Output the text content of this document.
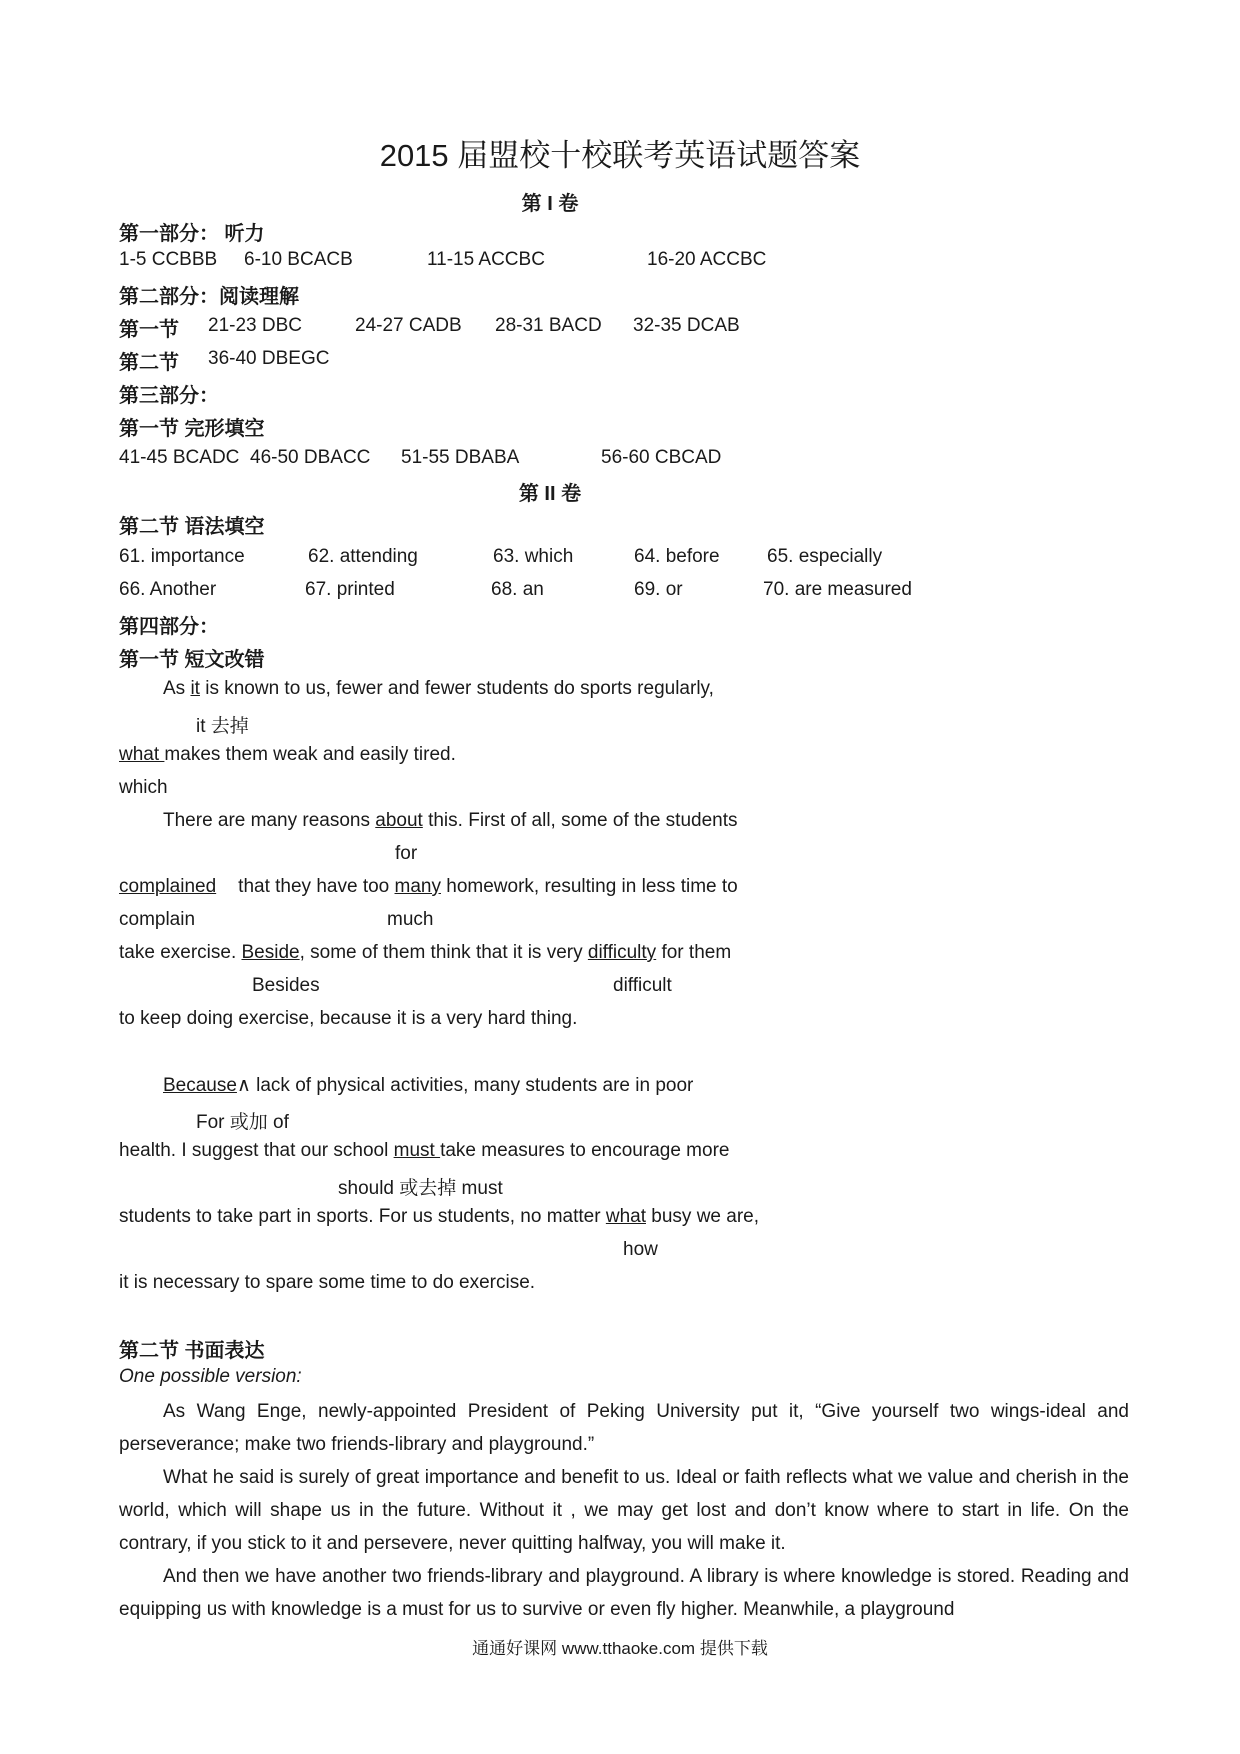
2015 届盟校十校联考英语试题答案
第 I 卷
第一部分： 听力
1-5 CCBBB 6-10 BCACB	11-15 ACCBC	16-20 ACCBC
第二部分：阅读理解
第一节 21-23 DBC	24-27 CADB 28-31 BACD 32-35 DCAB
第二节 36-40 DBEGC
第三部分：
第一节 完形填空
41-45 BCADC 46-50 DBACC 51-55 DBABA	56-60 CBCAD
第 II 卷
第二节 语法填空
61. importance	62. attending	63. which	64. before 65. especially
66. Another	67. printed	68. an	69. or	70. are measured
第四部分：
第一节 短文改错
As it is known to us, fewer and fewer students do sports regularly,
it 去掉
what makes them weak and easily tired.
which
There are many reasons about this. First of all, some of the students
for
complained that they have too many homework, resulting in less time to
complain	much
take exercise. Beside, some of them think that it is very difficulty for them
Besides	difficult
to keep doing exercise, because it is a very hard thing.
Because∧ lack of physical activities, many students are in poor
For 或加 of
health. I suggest that our school must take measures to encourage more
should 或去掉 must
students to take part in sports. For us students, no matter what busy we are,
how
it is necessary to spare some time to do exercise.
第二节 书面表达
One possible version:
As Wang Enge, newly-appointed President of Peking University put it, “Give yourself two wings-ideal and perseverance; make two friends-library and playground.”
What he said is surely of great importance and benefit to us. Ideal or faith reflects what we value and cherish in the world, which will shape us in the future. Without it , we may get lost and don’t know where to start in life. On the contrary, if you stick to it and persevere, never quitting halfway, you will make it.
And then we have another two friends-library and playground. A library is where knowledge is stored. Reading and equipping us with knowledge is a must for us to survive or even fly higher. Meanwhile, a playground
通通好课网 www.tthaoke.com 提供下载
